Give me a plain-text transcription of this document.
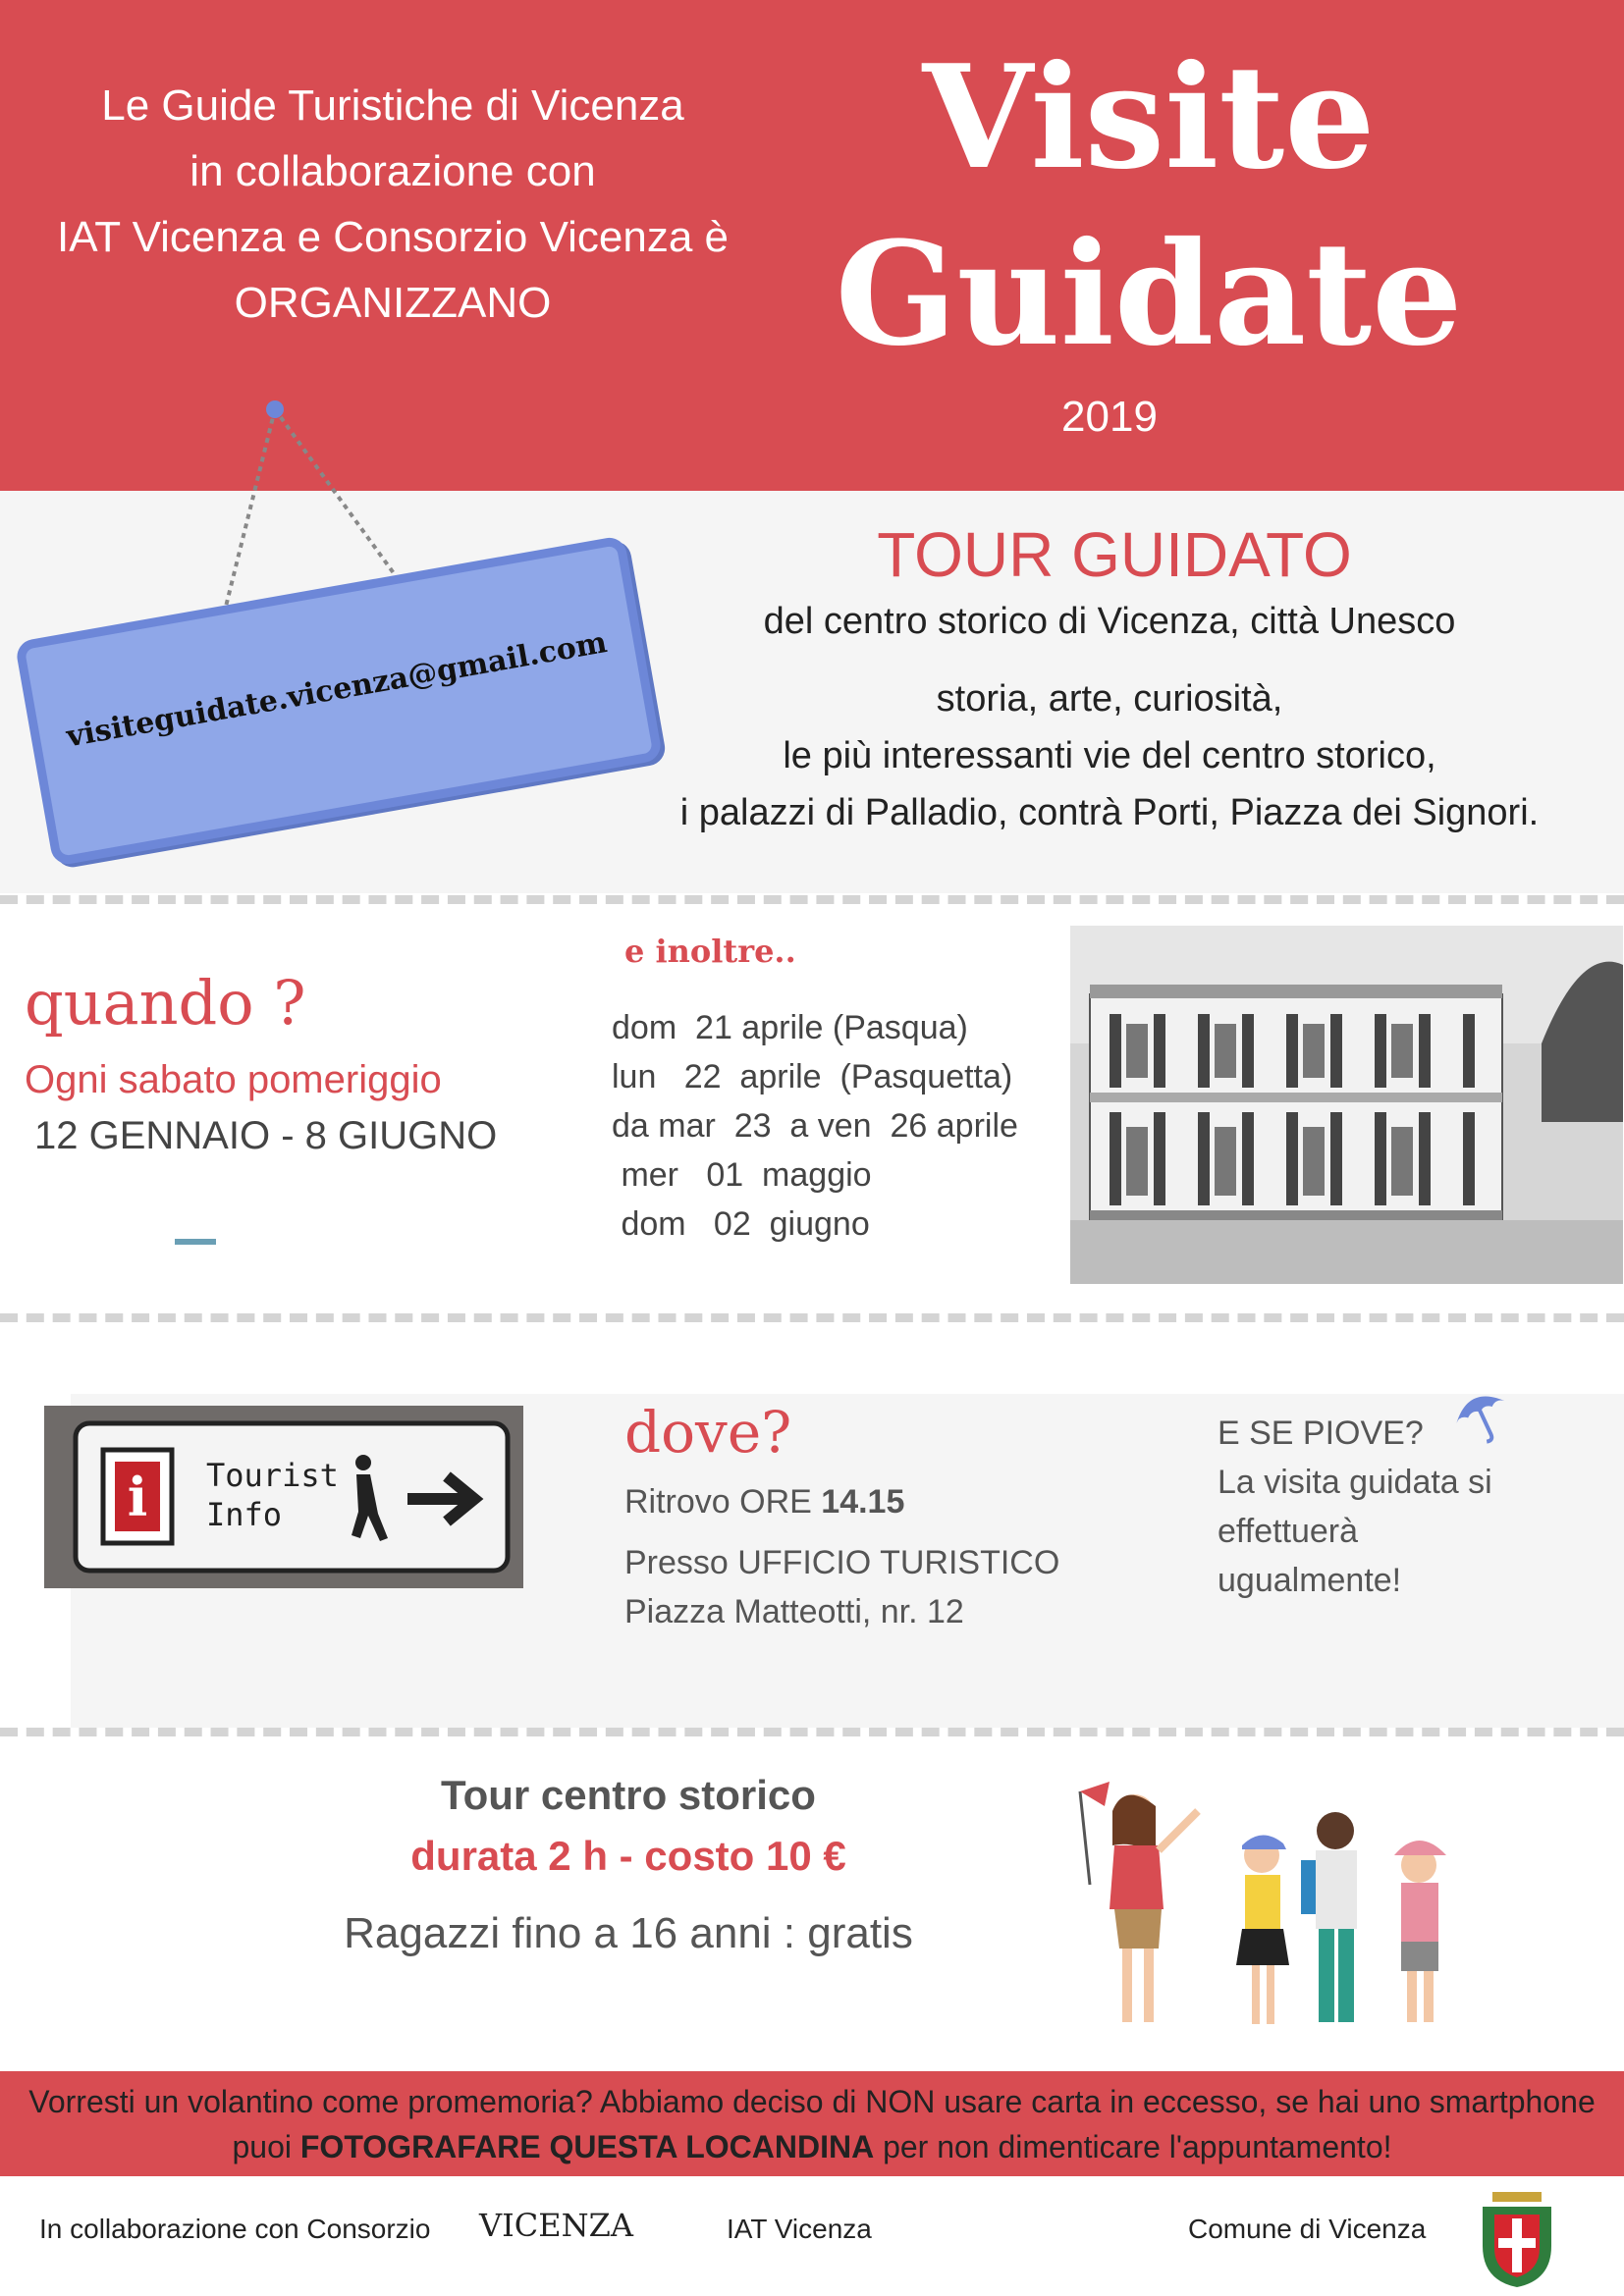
Le Guide Turistiche di Vicenza
in collaborazione con
IAT Vicenza e Consorzio Vicenza è
ORGANIZZANO
Visite
Guidate
2019
visiteguidate.vicenza@gmail.com
TOUR GUIDATO
del centro storico di Vicenza, città Unesco
storia, arte, curiosità,
le più interessanti vie del centro storico,
i palazzi di Palladio, contrà Porti, Piazza dei Signori.
quando ?
Ogni sabato pomeriggio
12 GENNAIO - 8 GIUGNO
e inoltre..
dom  21 aprile (Pasqua)
lun   22  aprile  (Pasquetta)
da mar  23  a ven  26 aprile
mer   01  maggio
dom   02  giugno
i Tourist
Info
dove?
Ritrovo ORE 14.15
Presso UFFICIO TURISTICO
Piazza Matteotti, nr. 12
E SE PIOVE?
La visita guidata si
effettuerà
ugualmente!
Tour centro storico
durata 2 h - costo 10 €
Ragazzi fino a 16 anni : gratis
Vorresti un volantino come promemoria? Abbiamo deciso di NON usare carta in eccesso, se hai uno smartphone
puoi FOTOGRAFARE QUESTA LOCANDINA per non dimenticare l'appuntamento!
In collaborazione con Consorzio VICENZA	IAT Vicenza	Comune di Vicenza
